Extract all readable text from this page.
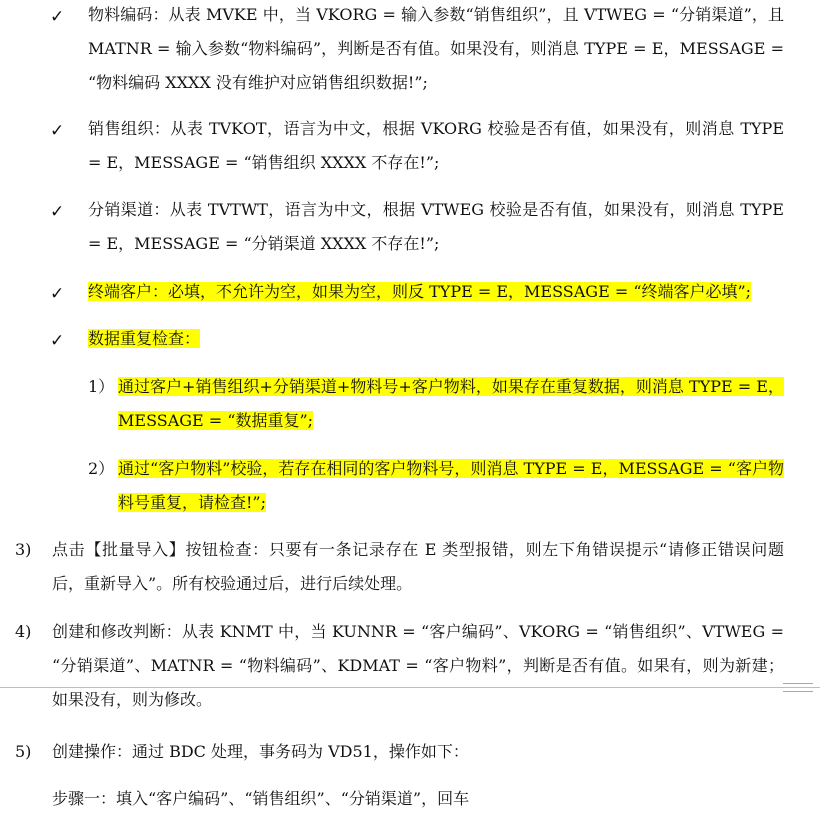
✓	物料编码：从表 MVKE 中，当 VKORG = 输入参数“销售组织”，且 VTWEG = “分销渠道”，且 MATNR = 输入参数“物料编码”，判断是否有值。如果没有，则消息 TYPE = E，MESSAGE = “物料编码 XXXX 没有维护对应销售组织数据!”;

✓	销售组织：从表 TVKOT，语言为中文，根据 VKORG 校验是否有值，如果没有，则消息 TYPE = E，MESSAGE = “销售组织 XXXX 不存在!”;

✓	分销渠道：从表 TVTWT，语言为中文，根据 VTWEG 校验是否有值，如果没有，则消息 TYPE = E，MESSAGE = “分销渠道 XXXX 不存在!”;

✓	终端客户：必填，不允许为空，如果为空，则反 TYPE = E，MESSAGE = “终端客户必填”;

✓	数据重复检查：

1） 通过客户+销售组织+分销渠道+物料号+客户物料，如果存在重复数据，则消息 TYPE = E，MESSAGE = “数据重复”;

2） 通过“客户物料”校验，若存在相同的客户物料号，则消息 TYPE = E，MESSAGE = “客户物料号重复，请检查!”;

3) 点击【批量导入】按钮检查：只要有一条记录存在 E 类型报错，则左下角错误提示“请修正错误问题后，重新导入”。所有校验通过后，进行后续处理。

4) 创建和修改判断：从表 KNMT 中，当 KUNNR = “客户编码”、VKORG = “销售组织”、VTWEG = “分销渠道”、MATNR = “物料编码”、KDMAT = “客户物料”，判断是否有值。如果有，则为新建；如果没有，则为修改。

5) 创建操作：通过 BDC 处理，事务码为 VD51，操作如下：

步骤一：填入“客户编码”、“销售组织”、“分销渠道”，回车
